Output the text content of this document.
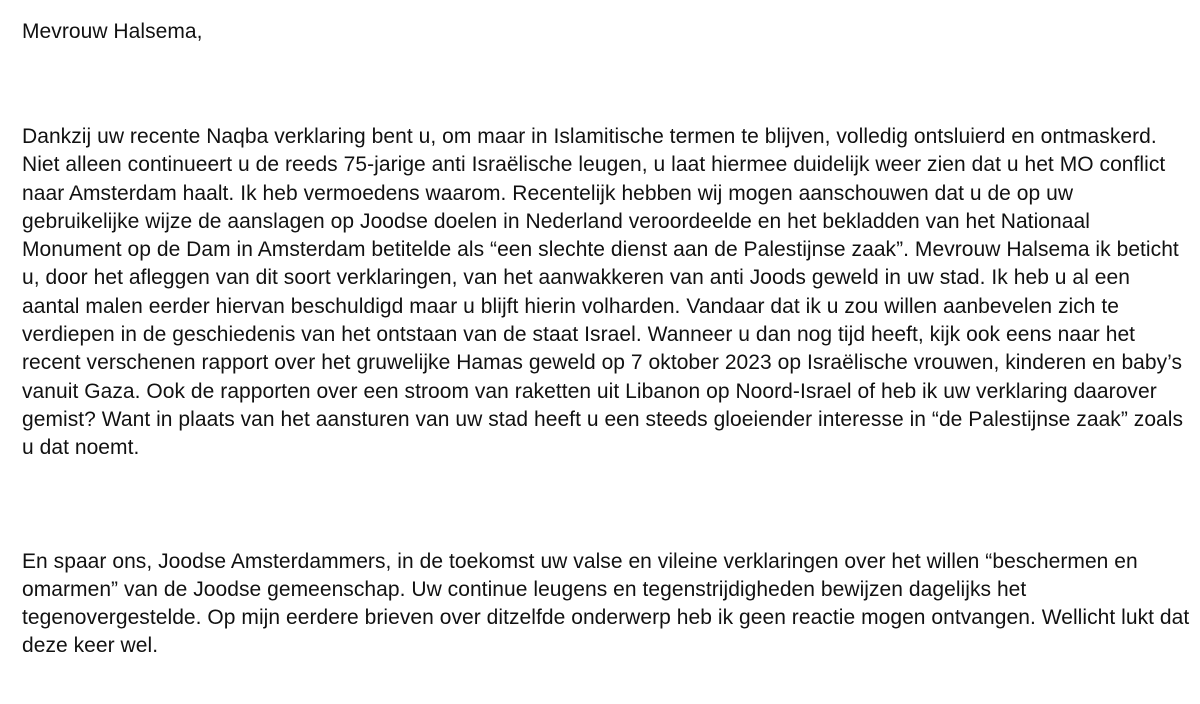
Mevrouw Halsema,

Dankzij uw recente Naqba verklaring bent u, om maar in Islamitische termen te blijven, volledig ontsluierd en ontmaskerd. Niet alleen continueert u de reeds 75-jarige anti Israëlische leugen, u laat hiermee duidelijk weer zien dat u het MO conflict naar Amsterdam haalt. Ik heb vermoedens waarom. Recentelijk hebben wij mogen aanschouwen dat u de op uw gebruikelijke wijze de aanslagen op Joodse doelen in Nederland veroordeelde en het bekladden van het Nationaal Monument op de Dam in Amsterdam betitelde als “een slechte dienst aan de Palestijnse zaak”. Mevrouw Halsema ik beticht u, door het afleggen van dit soort verklaringen, van het aanwakkeren van anti Joods geweld in uw stad. Ik heb u al een aantal malen eerder hiervan beschuldigd maar u blijft hierin volharden. Vandaar dat ik u zou willen aanbevelen zich te verdiepen in de geschiedenis van het ontstaan van de staat Israel. Wanneer u dan nog tijd heeft, kijk ook eens naar het recent verschenen rapport over het gruwelijke Hamas geweld op 7 oktober 2023 op Israëlische vrouwen, kinderen en baby’s vanuit Gaza. Ook de rapporten over een stroom van raketten uit Libanon op Noord-Israel of heb ik uw verklaring daarover gemist? Want in plaats van het aansturen van uw stad heeft u een steeds gloeiender interesse in “de Palestijnse zaak” zoals u dat noemt.

En spaar ons, Joodse Amsterdammers, in de toekomst uw valse en vileine verklaringen over het willen “beschermen en omarmen” van de Joodse gemeenschap. Uw continue leugens en tegenstrijdigheden bewijzen dagelijks het tegenovergestelde. Op mijn eerdere brieven over ditzelfde onderwerp heb ik geen reactie mogen ontvangen. Wellicht lukt dat deze keer wel.
